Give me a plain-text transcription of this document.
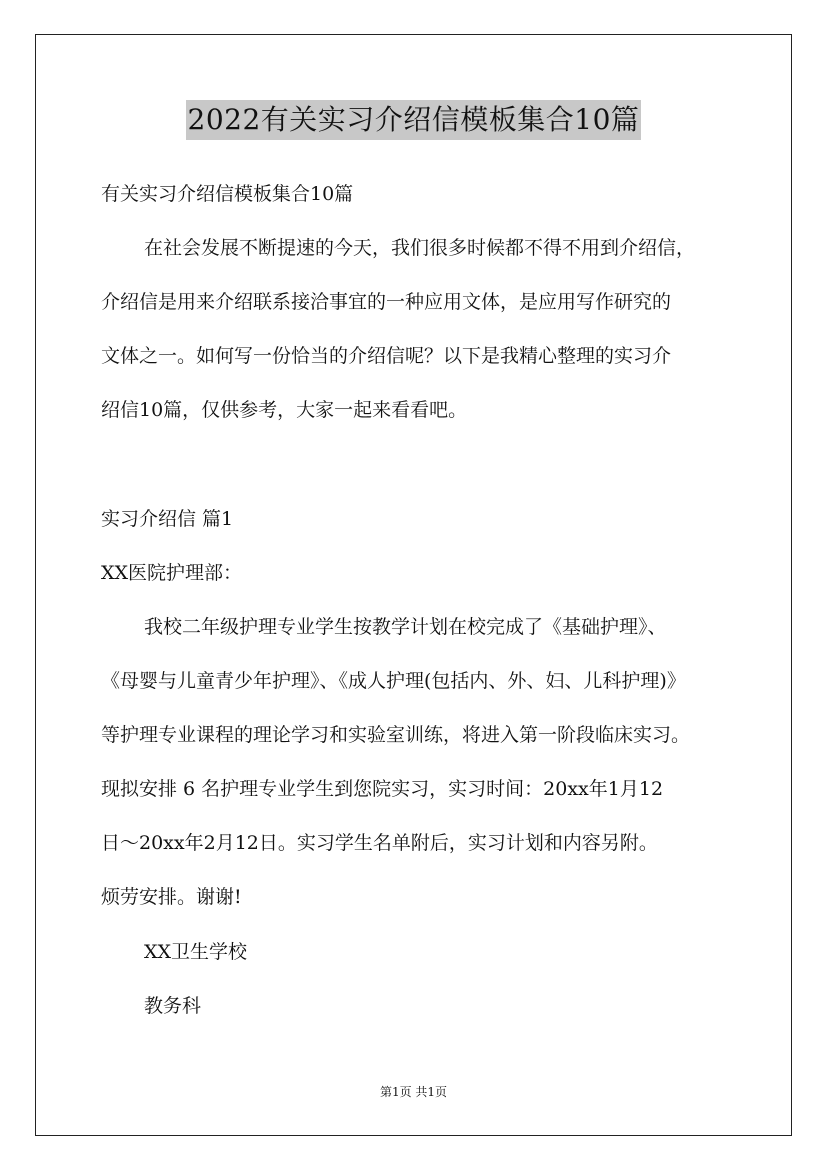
2022有关实习介绍信模板集合10篇
有关实习介绍信模板集合10篇
在社会发展不断提速的今天，我们很多时候都不得不用到介绍信，
介绍信是用来介绍联系接洽事宜的一种应用文体，是应用写作研究的
文体之一。如何写一份恰当的介绍信呢？以下是我精心整理的实习介
绍信10篇，仅供参考，大家一起来看看吧。
实习介绍信 篇1
XX医院护理部：
我校二年级护理专业学生按教学计划在校完成了《基础护理》、
《母婴与儿童青少年护理》、《成人护理(包括内、外、妇、儿科护理)》
等护理专业课程的理论学习和实验室训练，将进入第一阶段临床实习。
现拟安排 6 名护理专业学生到您院实习，实习时间：20xx年1月12
日～20xx年2月12日。实习学生名单附后，实习计划和内容另附。
烦劳安排。谢谢!
XX卫生学校
教务科
第1页 共1页
